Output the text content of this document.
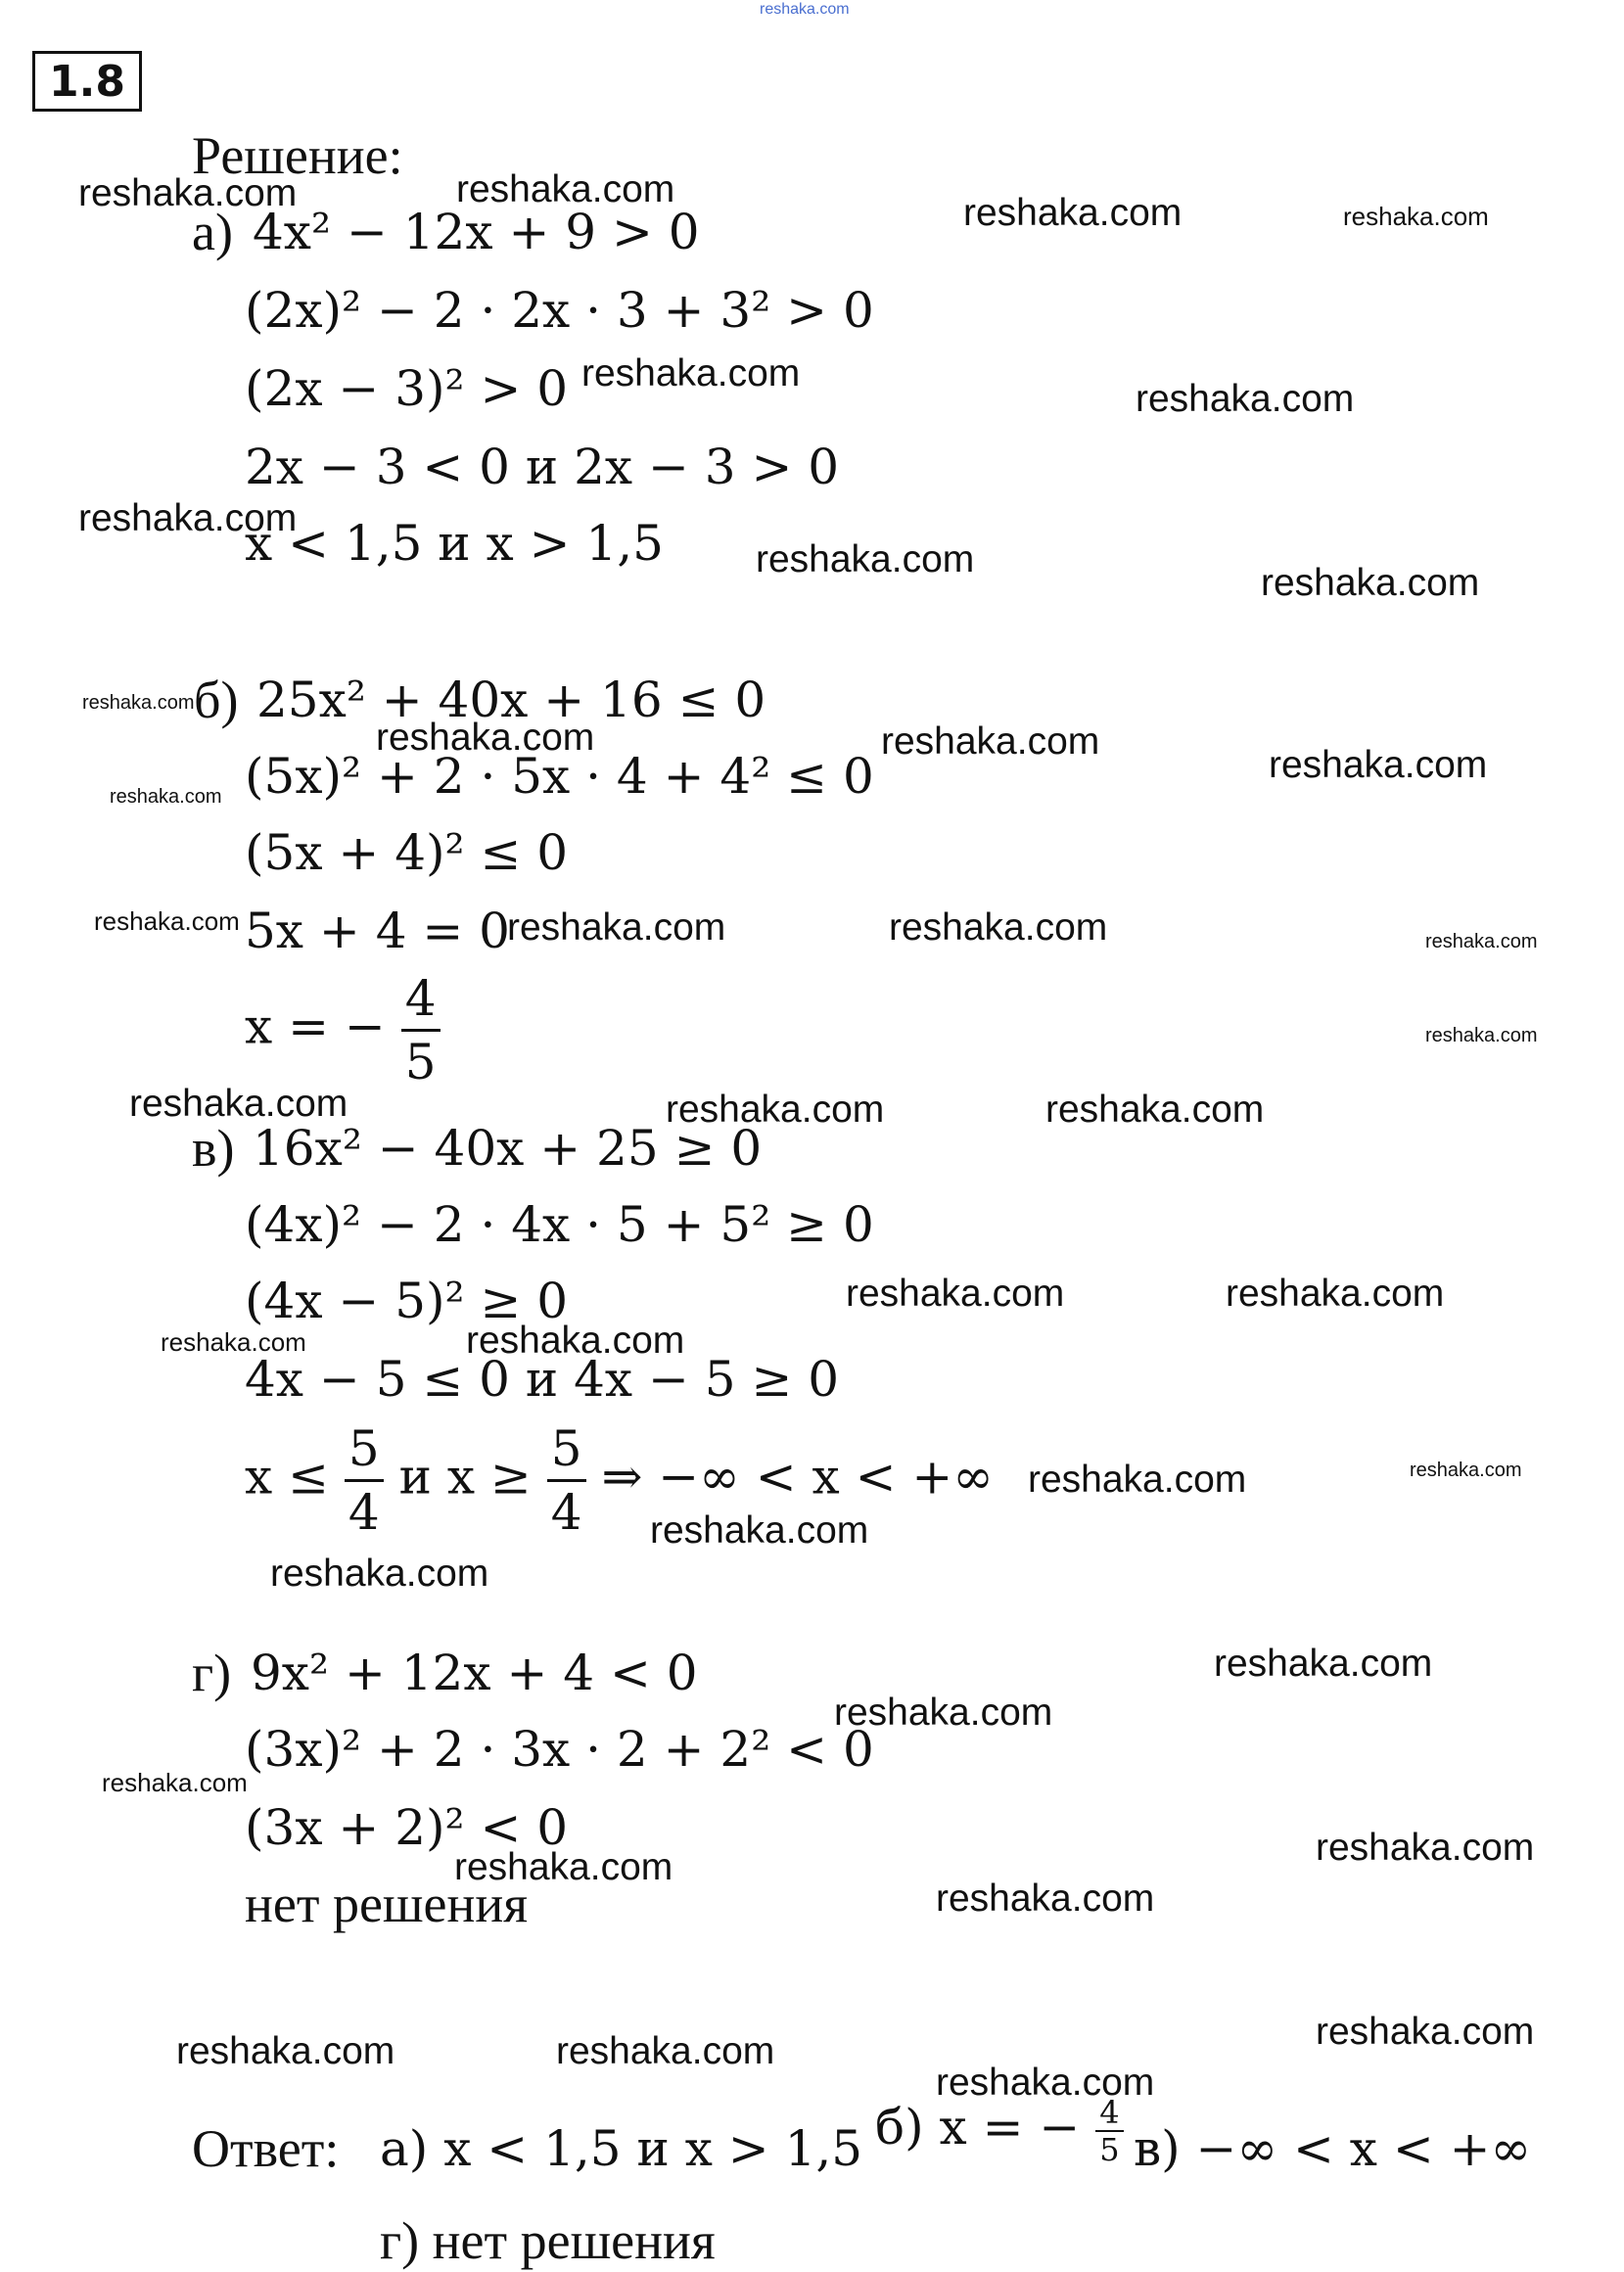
reshaka.com
1.8
Решение:
а) 4x² − 12x + 9 > 0
(2x)² − 2 · 2x · 3 + 3² > 0
(2x − 3)² > 0
2x − 3 < 0 и 2x − 3 > 0
x < 1,5 и x > 1,5
б) 25x² + 40x + 16 ≤ 0
(5x)² + 2 · 5x · 4 + 4² ≤ 0
(5x + 4)² ≤ 0
5x + 4 = 0
x = − $\frac{4}{5}$
в) 16x² − 40x + 25 ≥ 0
(4x)² − 2 · 4x · 5 + 5² ≥ 0
(4x − 5)² ≥ 0
4x − 5 ≤ 0 и 4x − 5 ≥ 0
$x \le \frac{5}{4}$ и $x \ge \frac{5}{4}$ ⇒ −∞ < x < +∞
г) 9x² + 12x + 4 < 0
(3x)² + 2 · 3x · 2 + 2² < 0
(3x + 2)² < 0
нет решения
Ответ: а) x < 1,5 и x > 1,5 б) x = − $\frac{4}{5} в$) −∞ < x < +∞
г) нет решения
reshaka.com	reshaka.com
reshaka.com
reshaka.com
reshaka.com
reshaka.com
reshaka.com
reshaka.com
reshaka.com	reshaka.com
reshaka.com
reshaka.com	reshaka.com
reshaka.com	reshaka.com	reshaka.com
reshaka.com	reshaka.com
reshaka.com
reshaka.com
reshaka.com
reshaka.com
reshaka.com
reshaka.com
reshaka.com
reshaka.com
reshaka.com
reshaka.com
reshaka.com	reshaka.com
reshaka.com
reshaka.com
reshaka.com
reshaka.com
reshaka.com
reshaka.com
reshaka.com
reshaka.com
reshaka.com
reshaka.com
